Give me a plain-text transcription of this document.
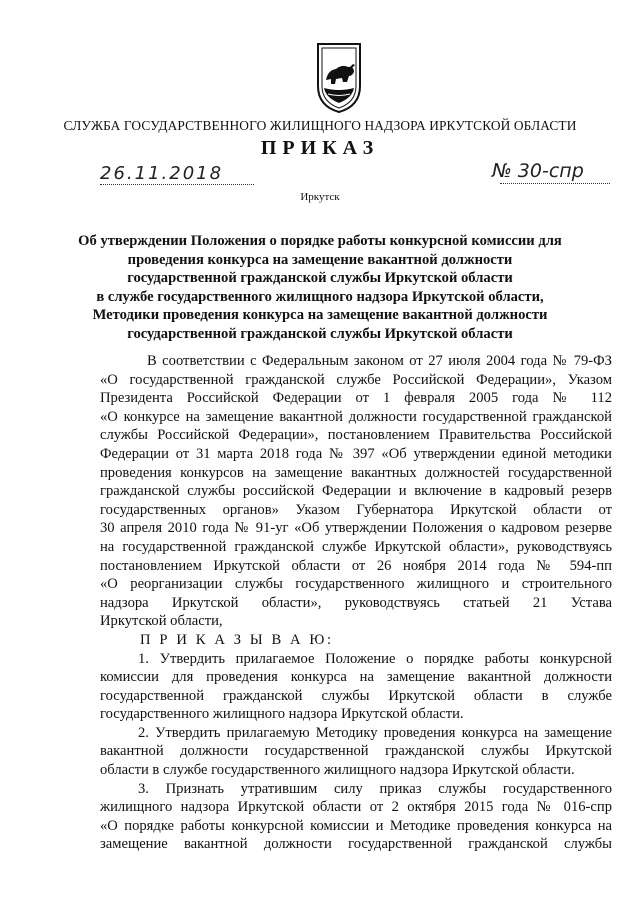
СЛУЖБА ГОСУДАРСТВЕННОГО ЖИЛИЩНОГО НАДЗОРА ИРКУТСКОЙ ОБЛАСТИ
ПРИКАЗ
26.11.2018	№ 30-спр
Иркутск
Об утверждении Положения о порядке работы конкурсной комиссии для
проведения конкурса на замещение вакантной должности
государственной гражданской службы Иркутской области
в службе государственного жилищного надзора Иркутской области,
Методики проведения конкурса на замещение вакантной должности
государственной гражданской службы Иркутской области
В соответствии с Федеральным законом от 27 июля 2004 года № 79-ФЗ
«О государственной гражданской службе Российской Федерации», Указом
Президента Российской Федерации от 1 февраля 2005 года № 112
«О конкурсе на замещение вакантной должности государственной гражданской
службы Российской Федерации», постановлением Правительства Российской
Федерации от 31 марта 2018 года № 397 «Об утверждении единой методики
проведения конкурсов на замещение вакантных должностей государственной
гражданской службы российской Федерации и включение в кадровый резерв
государственных органов» Указом Губернатора Иркутской области от
30 апреля 2010 года № 91-уг «Об утверждении Положения о кадровом резерве
на государственной гражданской службе Иркутской области», руководствуясь
постановлением Иркутской области от 26 ноября 2014 года № 594-пп
«О реорганизации службы государственного жилищного и строительного
надзора Иркутской области», руководствуясь статьей 21 Устава
Иркутской области,
П Р И К А З Ы В А Ю:
1. Утвердить прилагаемое Положение о порядке работы конкурсной
комиссии для проведения конкурса на замещение вакантной должности
государственной гражданской службы Иркутской области в службе
государственного жилищного надзора Иркутской области.
2. Утвердить прилагаемую Методику проведения конкурса на замещение
вакантной должности государственной гражданской службы Иркутской
области в службе государственного жилищного надзора Иркутской области.
3. Признать утратившим силу приказ службы государственного
жилищного надзора Иркутской области от 2 октября 2015 года № 016-спр
«О порядке работы конкурсной комиссии и Методике проведения конкурса на
замещение вакантной должности государственной гражданской службы
